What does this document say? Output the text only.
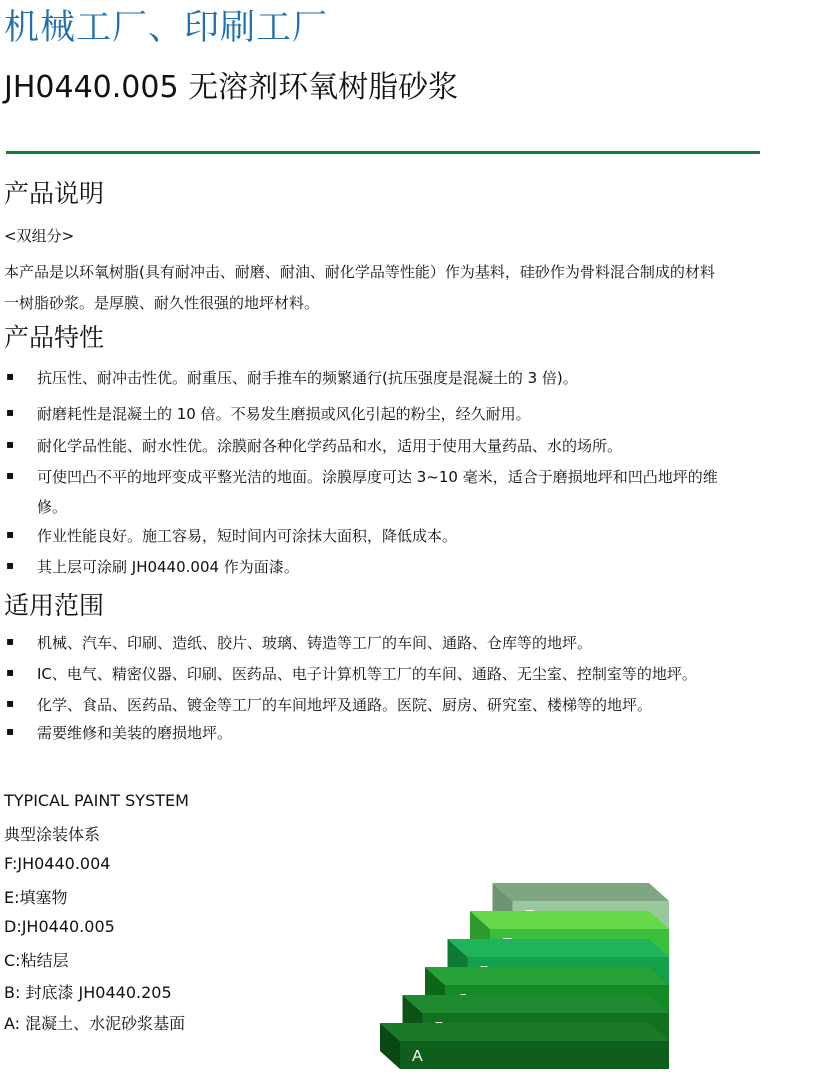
机械工厂、印刷工厂
JH0440.005 无溶剂环氧树脂砂浆
产品说明
<双组分>
本产品是以环氧树脂(具有耐冲击、耐磨、耐油、耐化学品等性能）作为基料，硅砂作为骨料混合制成的材料
一树脂砂浆。是厚膜、耐久性很强的地坪材料。
产品特性
▪ 抗压性、耐冲击性优。耐重压、耐手推车的频繁通行(抗压强度是混凝土的 3 倍)。
▪ 耐磨耗性是混凝土的 10 倍。不易发生磨损或风化引起的粉尘，经久耐用。
▪ 耐化学品性能、耐水性优。涂膜耐各种化学药品和水，适用于使用大量药品、水的场所。
▪ 可使凹凸不平的地坪变成平整光洁的地面。涂膜厚度可达 3~10 毫米，适合于磨损地坪和凹凸地坪的维
修。
▪ 作业性能良好。施工容易，短时间内可涂抹大面积，降低成本。
▪ 其上层可涂刷 JH0440.004 作为面漆。
适用范围
▪ 机械、汽车、印刷、造纸、胶片、玻璃、铸造等工厂的车间、通路、仓库等的地坪。
▪ IC、电气、精密仪器、印刷、医药品、电子计算机等工厂的车间、通路、无尘室、控制室等的地坪。
▪ 化学、食品、医药品、镀金等工厂的车间地坪及通路。医院、厨房、研究室、楼梯等的地坪。
▪ 需要维修和美装的磨损地坪。
TYPICAL PAINT SYSTEM
典型涂装体系
F:JH0440.004
E:填塞物
D:JH0440.005
C:粘结层
B: 封底漆 JH0440.205
A: 混凝土、水泥砂浆基面
A
